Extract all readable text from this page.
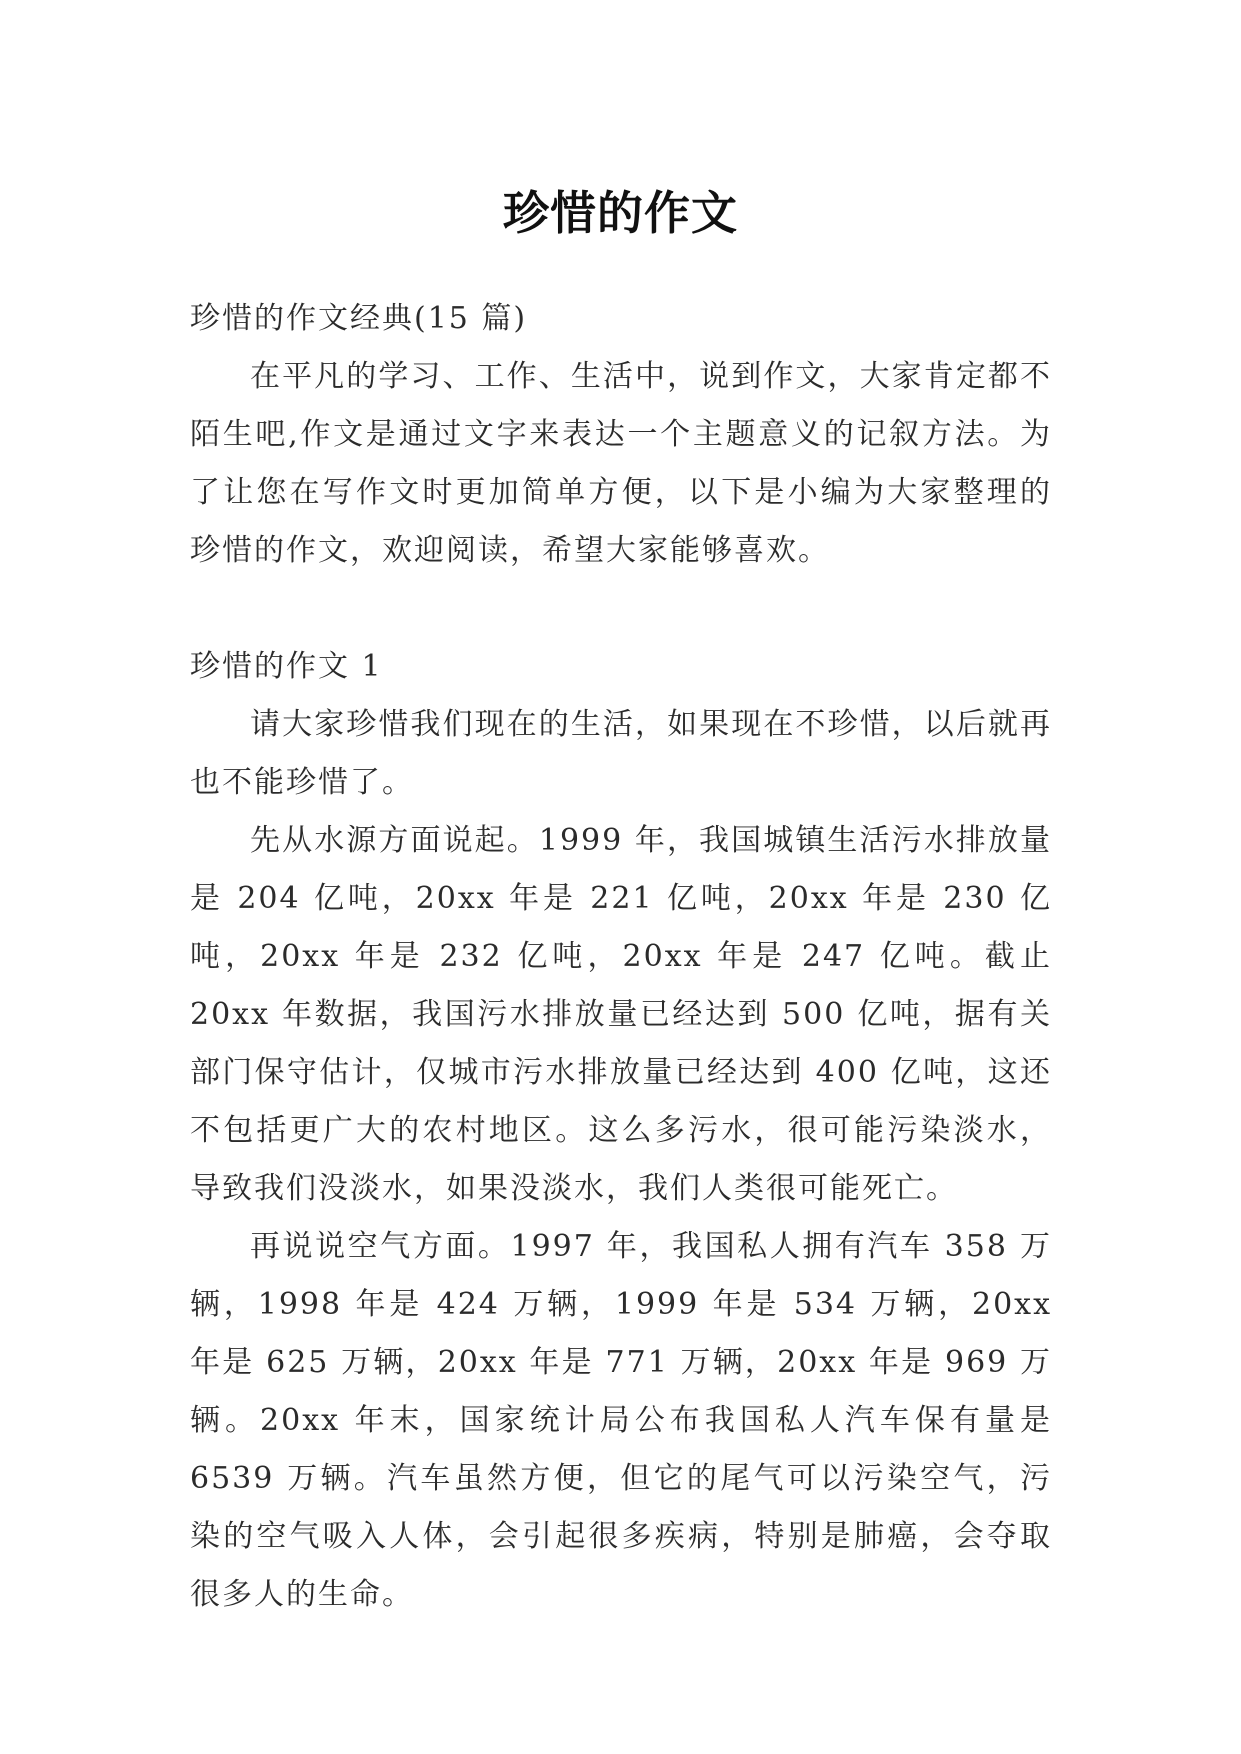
珍惜的作文

珍惜的作文经典(15 篇)

在平凡的学习、工作、生活中，说到作文，大家肯定都不陌生吧,作文是通过文字来表达一个主题意义的记叙方法。为了让您在写作文时更加简单方便，以下是小编为大家整理的珍惜的作文，欢迎阅读，希望大家能够喜欢。

珍惜的作文 1

请大家珍惜我们现在的生活，如果现在不珍惜，以后就再也不能珍惜了。

先从水源方面说起。1999 年，我国城镇生活污水排放量是 204 亿吨，20xx 年是 221 亿吨，20xx 年是 230 亿吨，20xx 年是 232 亿吨，20xx 年是 247 亿吨。截止 20xx 年数据，我国污水排放量已经达到 500 亿吨，据有关部门保守估计，仅城市污水排放量已经达到 400 亿吨，这还不包括更广大的农村地区。这么多污水，很可能污染淡水，导致我们没淡水，如果没淡水，我们人类很可能死亡。

再说说空气方面。1997 年，我国私人拥有汽车 358 万辆，1998 年是 424 万辆，1999 年是 534 万辆，20xx 年是 625 万辆，20xx 年是 771 万辆，20xx 年是 969 万辆。20xx 年末，国家统计局公布我国私人汽车保有量是 6539 万辆。汽车虽然方便，但它的尾气可以污染空气，污染的空气吸入人体，会引起很多疾病，特别是肺癌，会夺取很多人的生命。
